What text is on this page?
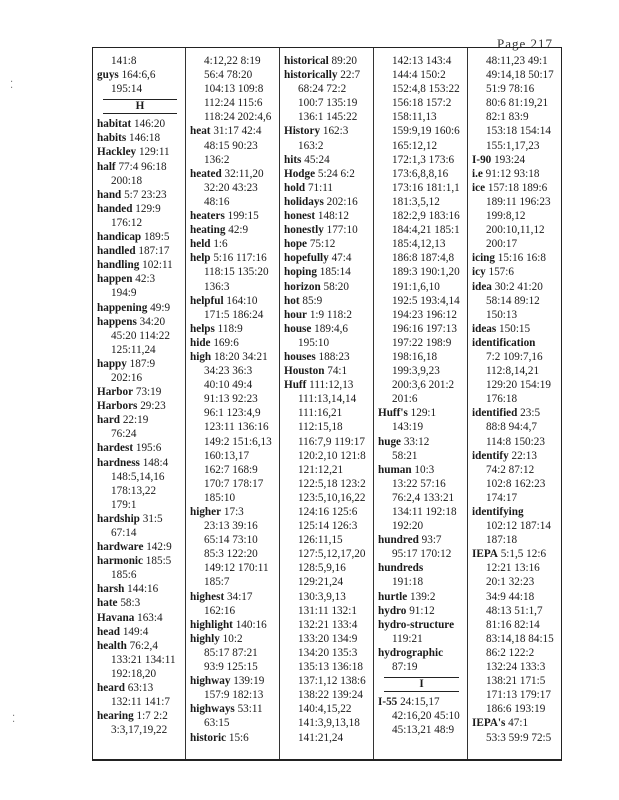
Page 217
141:8
guys 164:6,6
195:14
H
habitat 146:20
habits 146:18
Hackley 129:11
half 77:4 96:18
200:18
hand 5:7 23:23
handed 129:9
176:12
handicap 189:5
handled 187:17
handling 102:11
happen 42:3
194:9
happening 49:9
happens 34:20
45:20 114:22
125:11,24
happy 187:9
202:16
Harbor 73:19
Harbors 29:23
hard 22:19
76:24
hardest 195:6
hardness 148:4
148:5,14,16
178:13,22
179:1
hardship 31:5
67:14
hardware 142:9
harmonic 185:5
185:6
harsh 144:16
hate 58:3
Havana 163:4
head 149:4
health 76:2,4
133:21 134:11
192:18,20
heard 63:13
132:11 141:7
hearing 1:7 2:2
3:3,17,19,22
4:12,22 8:19
56:4 78:20
104:13 109:8
112:24 115:6
118:24 202:4,6
heat 31:17 42:4
48:15 90:23
136:2
heated 32:11,20
32:20 43:23
48:16
heaters 199:15
heating 42:9
held 1:6
help 5:16 117:16
118:15 135:20
136:3
helpful 164:10
171:5 186:24
helps 118:9
hide 169:6
high 18:20 34:21
34:23 36:3
40:10 49:4
91:13 92:23
96:1 123:4,9
123:11 136:16
149:2 151:6,13
160:13,17
162:7 168:9
170:7 178:17
185:10
higher 17:3
23:13 39:16
65:14 73:10
85:3 122:20
149:12 170:11
185:7
highest 34:17
162:16
highlight 140:16
highly 10:2
85:17 87:21
93:9 125:15
highway 139:19
157:9 182:13
highways 53:11
63:15
historic 15:6
historical 89:20
historically 22:7
68:24 72:2
100:7 135:19
136:1 145:22
History 162:3
163:2
hits 45:24
Hodge 5:24 6:2
hold 71:11
holidays 202:16
honest 148:12
honestly 177:10
hope 75:12
hopefully 47:4
hoping 185:14
horizon 58:20
hot 85:9
hour 1:9 118:2
house 189:4,6
195:10
houses 188:23
Houston 74:1
Huff 111:12,13
111:13,14,14
111:16,21
112:15,18
116:7,9 119:17
120:2,10 121:8
121:12,21
122:5,18 123:2
123:5,10,16,22
124:16 125:6
125:14 126:3
126:11,15
127:5,12,17,20
128:5,9,16
129:21,24
130:3,9,13
131:11 132:1
132:21 133:4
133:20 134:9
134:20 135:3
135:13 136:18
137:1,12 138:6
138:22 139:24
140:4,15,22
141:3,9,13,18
141:21,24
142:13 143:4
144:4 150:2
152:4,8 153:22
156:18 157:2
158:11,13
159:9,19 160:6
165:12,12
172:1,3 173:6
173:6,8,8,16
173:16 181:1,1
181:3,5,12
182:2,9 183:16
184:4,21 185:1
185:4,12,13
186:8 187:4,8
189:3 190:1,20
191:1,6,10
192:5 193:4,14
194:23 196:12
196:16 197:13
197:22 198:9
198:16,18
199:3,9,23
200:3,6 201:2
201:6
Huff's 129:1
143:19
huge 33:12
58:21
human 10:3
13:22 57:16
76:2,4 133:21
134:11 192:18
192:20
hundred 93:7
95:17 170:12
hundreds
191:18
hurtle 139:2
hydro 91:12
hydro-structure
119:21
hydrographic
87:19
I
I-55 24:15,17
42:16,20 45:10
45:13,21 48:9
48:11,23 49:1
49:14,18 50:17
51:9 78:16
80:6 81:19,21
82:1 83:9
153:18 154:14
155:1,17,23
I-90 193:24
i.e 91:12 93:18
ice 157:18 189:6
189:11 196:23
199:8,12
200:10,11,12
200:17
icing 15:16 16:8
icy 157:6
idea 30:2 41:20
58:14 89:12
150:13
ideas 150:15
identification
7:2 109:7,16
112:8,14,21
129:20 154:19
176:18
identified 23:5
88:8 94:4,7
114:8 150:23
identify 22:13
74:2 87:12
102:8 162:23
174:17
identifying
102:12 187:14
187:18
IEPA 5:1,5 12:6
12:21 13:16
20:1 32:23
34:9 44:18
48:13 51:1,7
81:16 82:14
83:14,18 84:15
86:2 122:2
132:24 133:3
138:21 171:5
171:13 179:17
186:6 193:19
IEPA's 47:1
53:3 59:9 72:5
⁚
⁚
